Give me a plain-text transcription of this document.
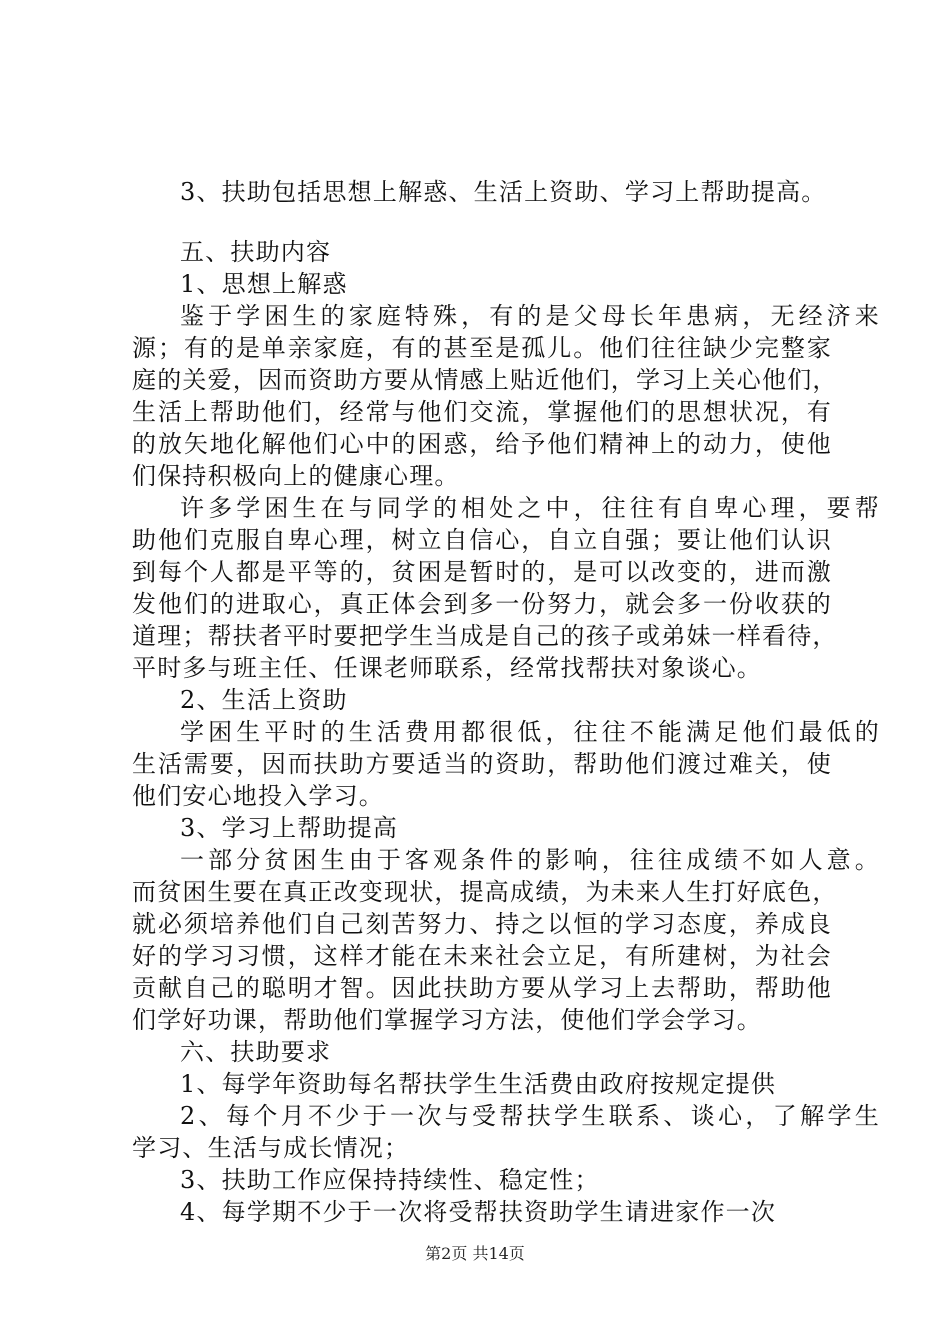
3、扶助包括思想上解惑、生活上资助、学习上帮助提高。
五、扶助内容
1、思想上解惑
鉴于学困生的家庭特殊，有的是父母长年患病，无经济来
源；有的是单亲家庭，有的甚至是孤儿。他们往往缺少完整家
庭的关爱，因而资助方要从情感上贴近他们，学习上关心他们，
生活上帮助他们，经常与他们交流，掌握他们的思想状况，有
的放矢地化解他们心中的困惑，给予他们精神上的动力，使他
们保持积极向上的健康心理。
许多学困生在与同学的相处之中，往往有自卑心理，要帮
助他们克服自卑心理，树立自信心，自立自强；要让他们认识
到每个人都是平等的，贫困是暂时的，是可以改变的，进而激
发他们的进取心，真正体会到多一份努力，就会多一份收获的
道理；帮扶者平时要把学生当成是自己的孩子或弟妹一样看待，
平时多与班主任、任课老师联系，经常找帮扶对象谈心。
2、生活上资助
学困生平时的生活费用都很低，往往不能满足他们最低的
生活需要，因而扶助方要适当的资助，帮助他们渡过难关，使
他们安心地投入学习。
3、学习上帮助提高
一部分贫困生由于客观条件的影响，往往成绩不如人意。
而贫困生要在真正改变现状，提高成绩，为未来人生打好底色，
就必须培养他们自己刻苦努力、持之以恒的学习态度，养成良
好的学习习惯，这样才能在未来社会立足，有所建树，为社会
贡献自己的聪明才智。因此扶助方要从学习上去帮助，帮助他
们学好功课，帮助他们掌握学习方法，使他们学会学习。
六、扶助要求
1、每学年资助每名帮扶学生生活费由政府按规定提供
2、每个月不少于一次与受帮扶学生联系、谈心，了解学生
学习、生活与成长情况；
3、扶助工作应保持持续性、稳定性；
4、每学期不少于一次将受帮扶资助学生请进家作一次
第2页 共14页
